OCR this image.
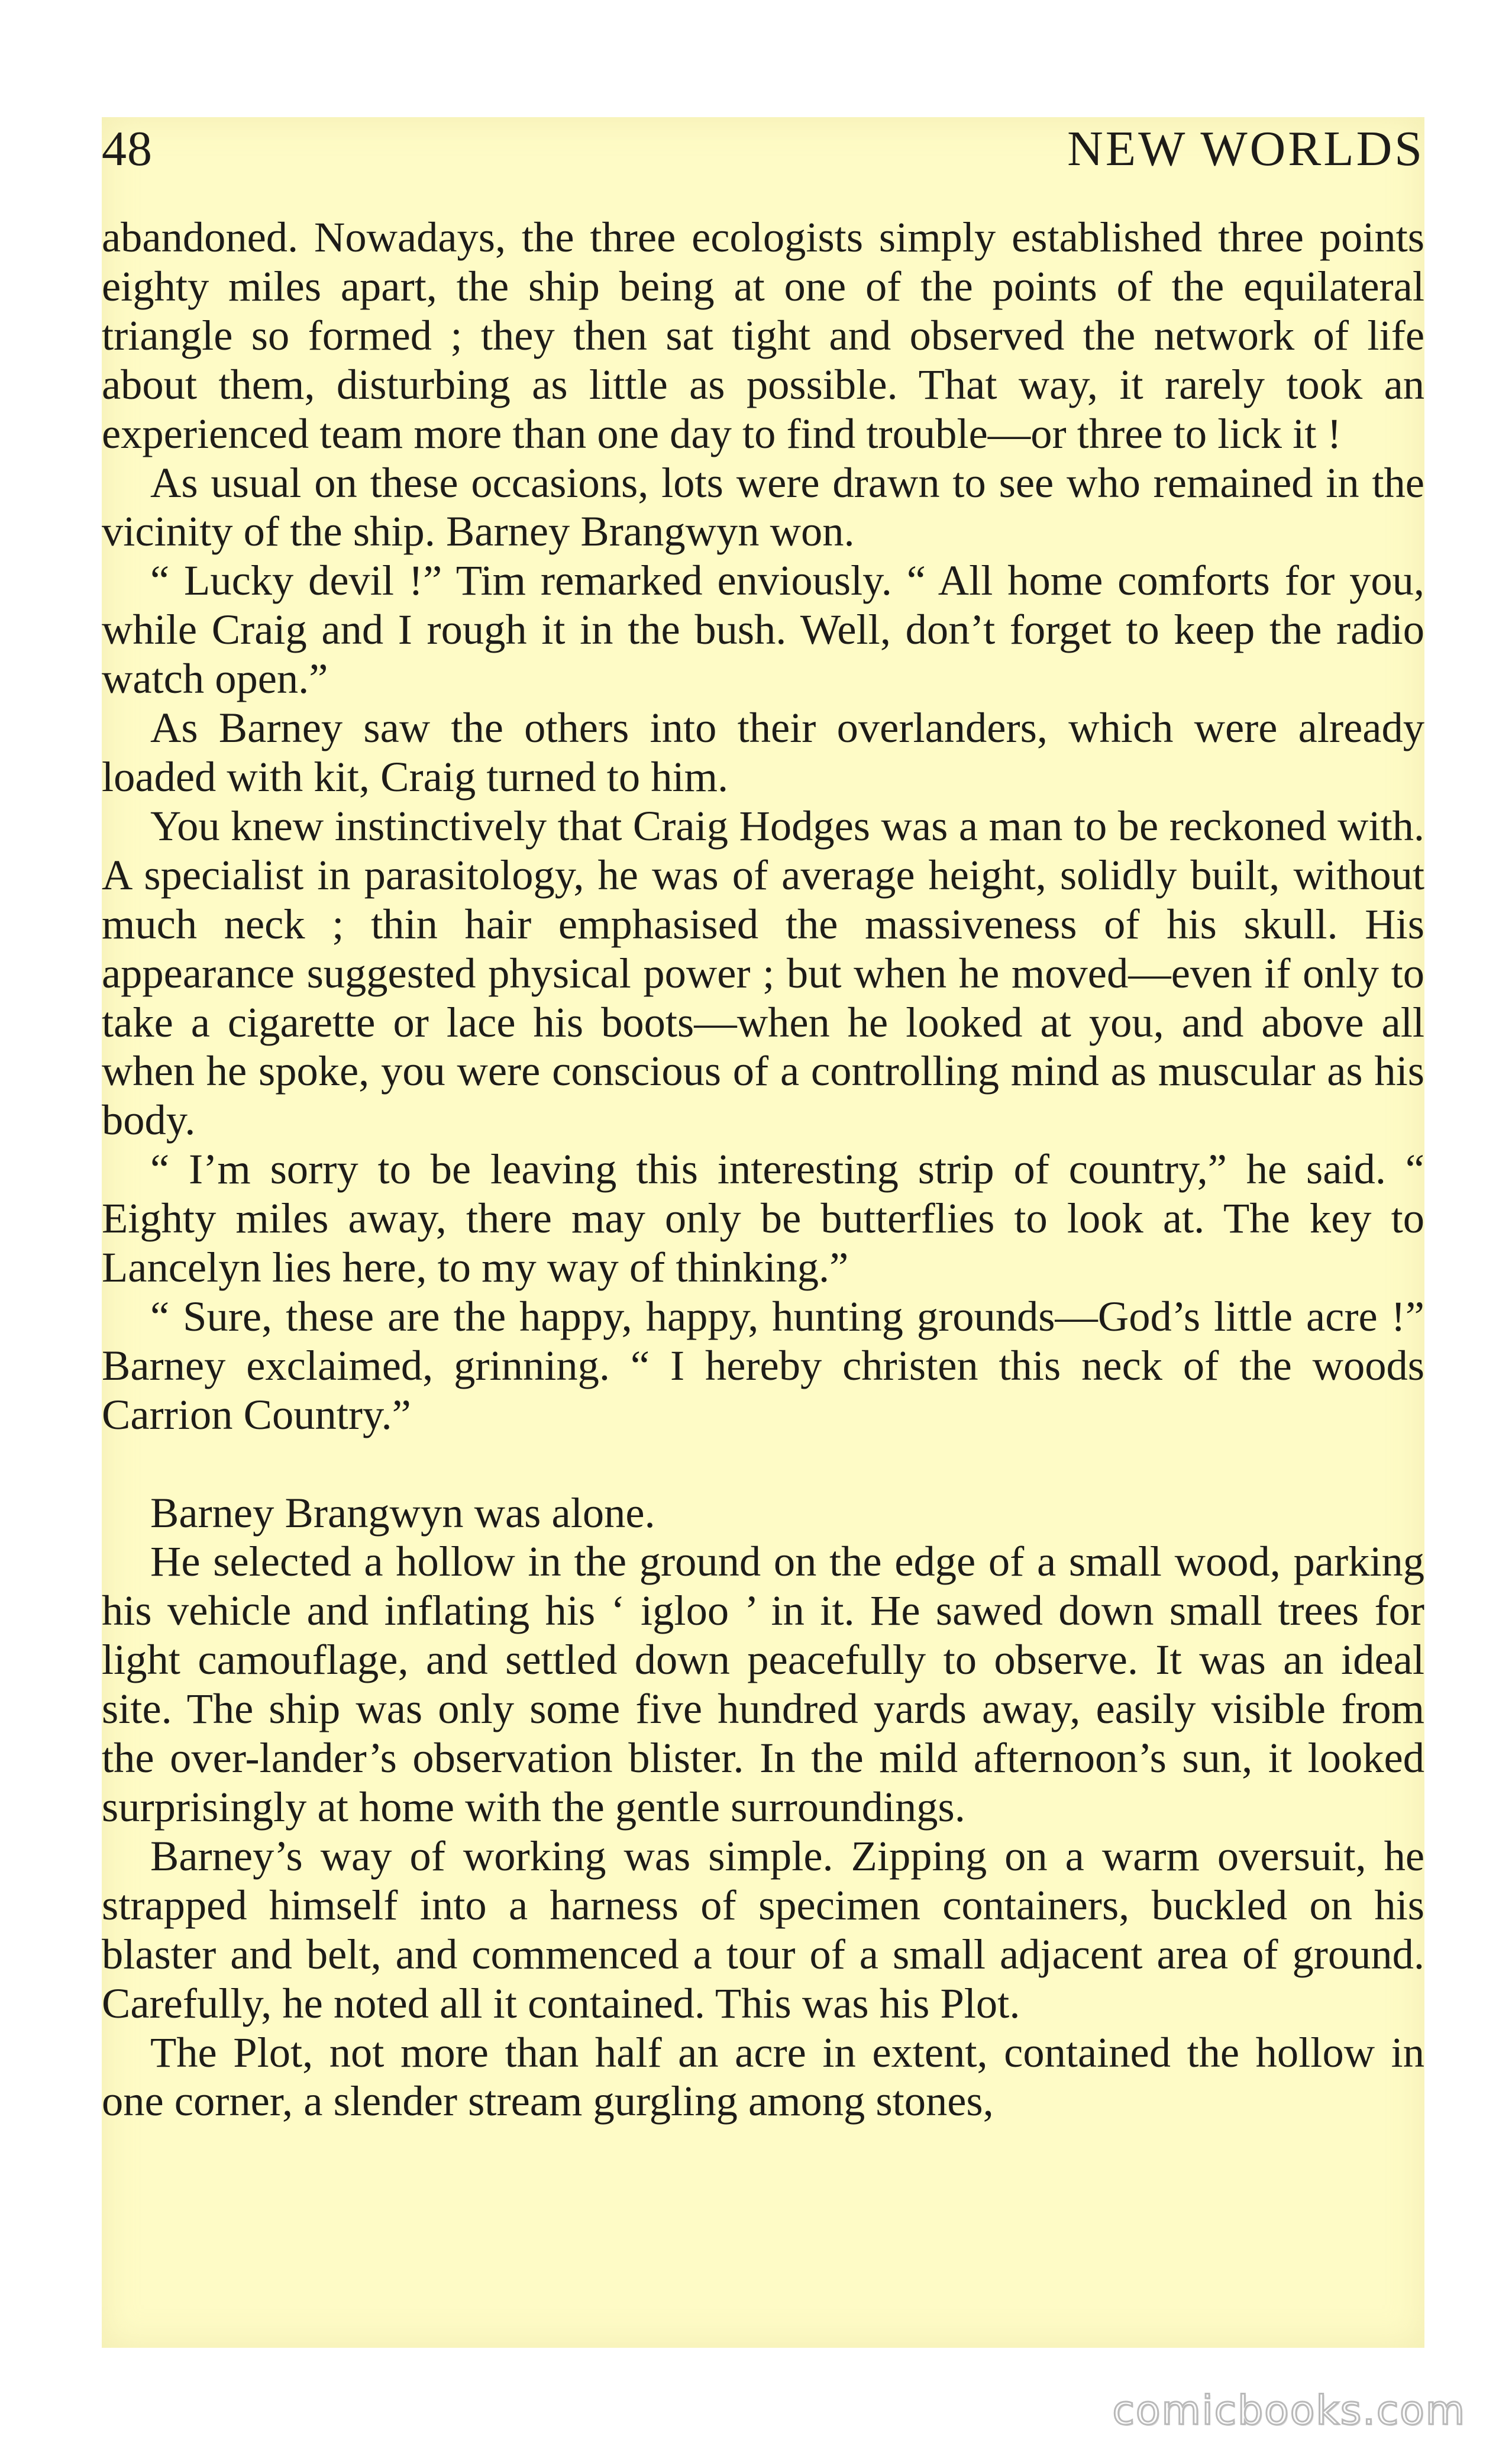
48	NEW WORLDS

abandoned. Nowadays, the three ecologists simply established three points eighty miles apart, the ship being at one of the points of the equilateral triangle so formed ; they then sat tight and observed the network of life about them, disturbing as little as possible. That way, it rarely took an experienced team more than one day to find trouble—or three to lick it !

As usual on these occasions, lots were drawn to see who remained in the vicinity of the ship. Barney Brangwyn won.

“ Lucky devil !” Tim remarked enviously. “ All home comforts for you, while Craig and I rough it in the bush. Well, don’t forget to keep the radio watch open.”

As Barney saw the others into their overlanders, which were already loaded with kit, Craig turned to him.

You knew instinctively that Craig Hodges was a man to be reckoned with. A specialist in parasitology, he was of average height, solidly built, without much neck ; thin hair emphasised the massiveness of his skull. His appearance suggested physical power ; but when he moved—even if only to take a cigarette or lace his boots—when he looked at you, and above all when he spoke, you were conscious of a controlling mind as muscular as his body.

“ I’m sorry to be leaving this interesting strip of country,” he said. “ Eighty miles away, there may only be butterflies to look at. The key to Lancelyn lies here, to my way of thinking.”

“ Sure, these are the happy, happy, hunting grounds—God’s little acre !” Barney exclaimed, grinning. “ I hereby christen this neck of the woods Carrion Country.”

Barney Brangwyn was alone.

He selected a hollow in the ground on the edge of a small wood, parking his vehicle and inflating his ‘ igloo ’ in it. He sawed down small trees for light camouflage, and settled down peacefully to observe. It was an ideal site. The ship was only some five hundred yards away, easily visible from the over-lander’s observation blister. In the mild afternoon’s sun, it looked surprisingly at home with the gentle surroundings.

Barney’s way of working was simple. Zipping on a warm oversuit, he strapped himself into a harness of specimen containers, buckled on his blaster and belt, and commenced a tour of a small adjacent area of ground. Carefully, he noted all it contained. This was his Plot.

The Plot, not more than half an acre in extent, contained the hollow in one corner, a slender stream gurgling among stones,

comicbooks.com
